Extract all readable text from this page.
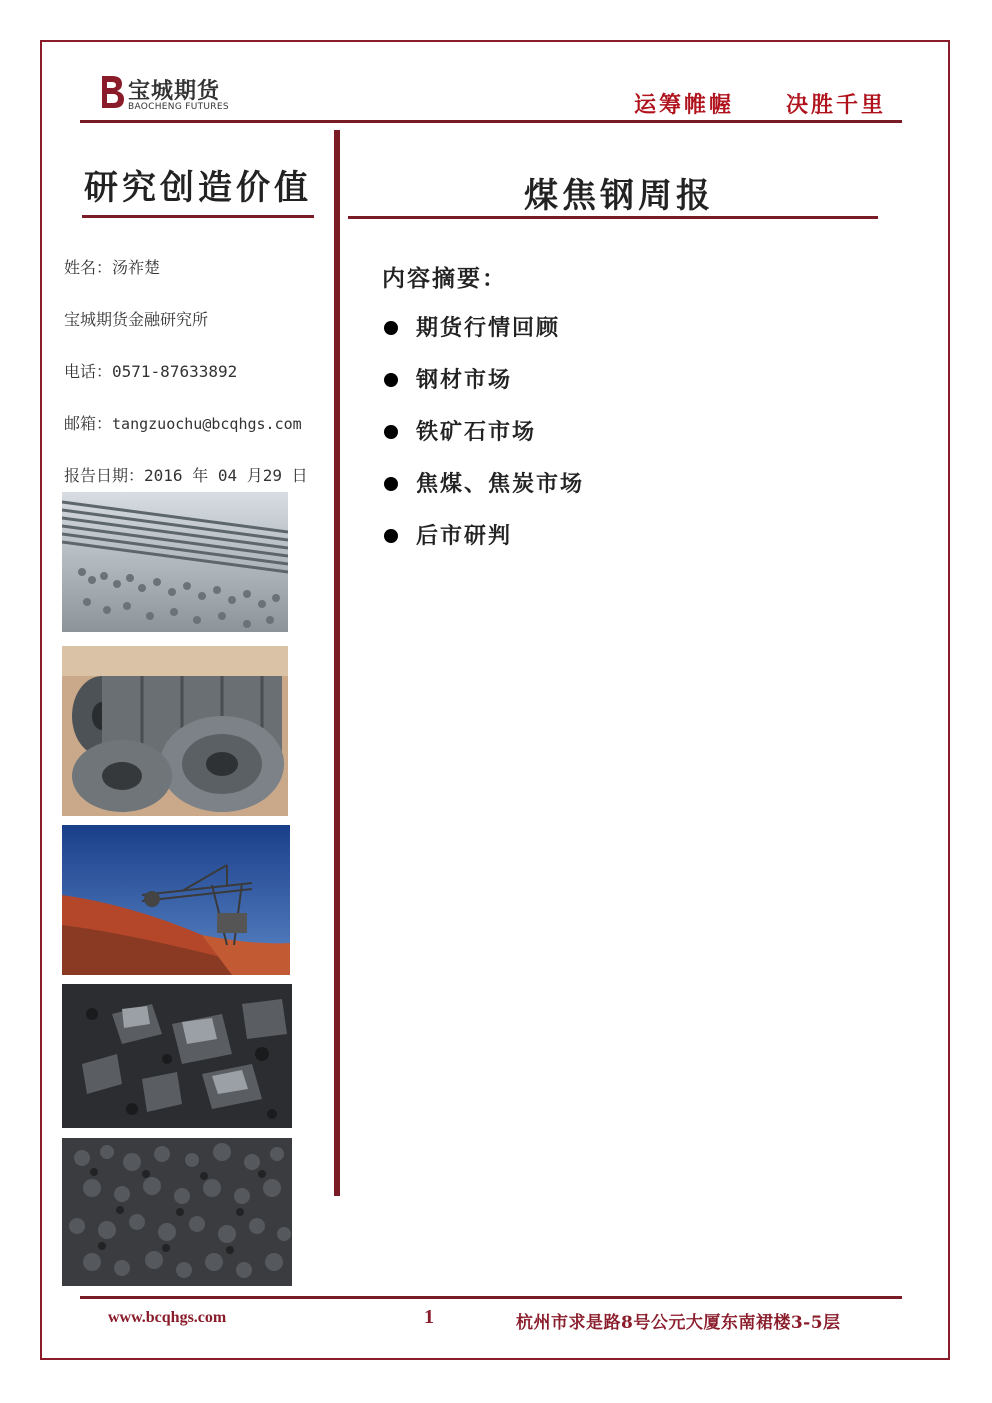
宝城期货
BAOCHENG FUTURES	运筹帷幄 决胜千里
研究创造价值
姓名：汤祚楚
宝城期货金融研究所
电话：0571-87633892
邮箱：tangzuochu@bcqhgs.com
报告日期：2016 年 04 月29 日
煤焦钢周报
内容摘要：
期货行情回顾
钢材市场
铁矿石市场
焦煤、焦炭市场
后市研判
www.bcqhgs.com	1	杭州市求是路8号公元大厦东南裙楼3-5层
